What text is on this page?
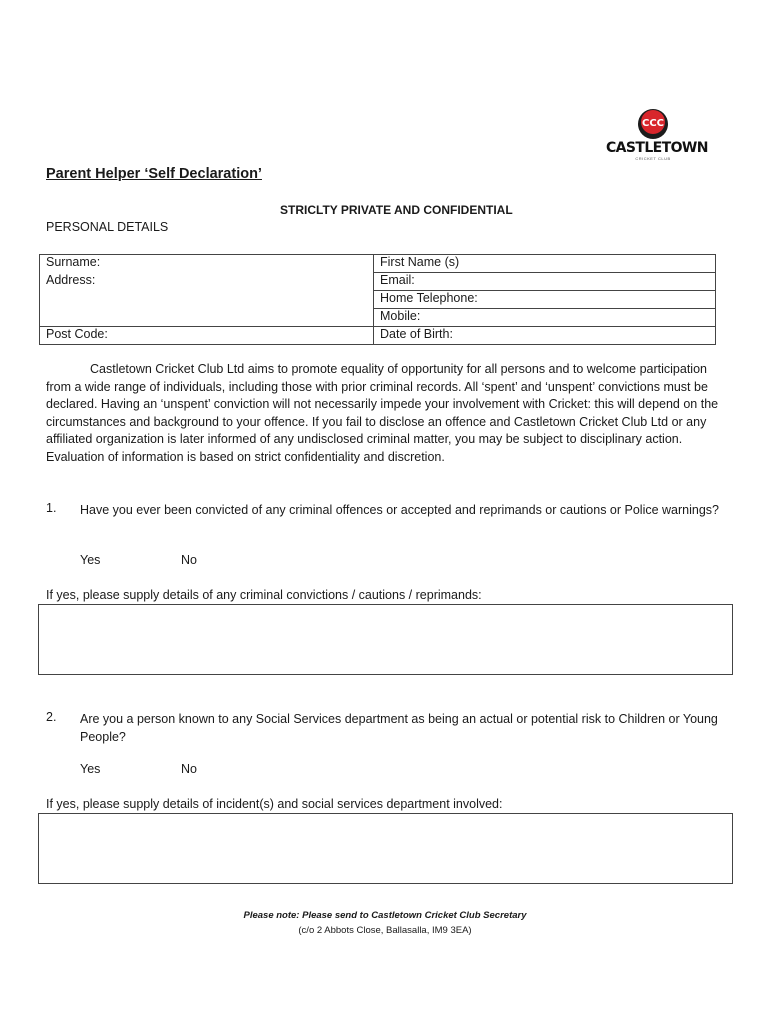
CCC
CASTLETOWN
CRICKET CLUB
Parent Helper ‘Self Declaration’
STRICLTY PRIVATE AND CONFIDENTIAL
PERSONAL DETAILS
Surname:	First Name (s)
Address:	Email:
	Home Telephone:
	Mobile:
Post Code:	Date of Birth:
Castletown Cricket Club Ltd aims to promote equality of opportunity for all persons and to welcome participation from a wide range of individuals, including those with prior criminal records. All ‘spent’ and ‘unspent’ convictions must be declared. Having an ‘unspent’ conviction will not necessarily impede your involvement with Cricket: this will depend on the circumstances and background to your offence. If you fail to disclose an offence and Castletown Cricket Club Ltd or any affiliated organization is later informed of any undisclosed criminal matter, you may be subject to disciplinary action. Evaluation of information is based on strict confidentiality and discretion.
1. Have you ever been convicted of any criminal offences or accepted and reprimands or cautions or Police warnings?
Yes	No
If yes, please supply details of any criminal convictions / cautions / reprimands:
2. Are you a person known to any Social Services department as being an actual or potential risk to Children or Young People?
Yes	No
If yes, please supply details of incident(s) and social services department involved:
Please note: Please send to Castletown Cricket Club Secretary
(c/o 2 Abbots Close, Ballasalla, IM9 3EA)
